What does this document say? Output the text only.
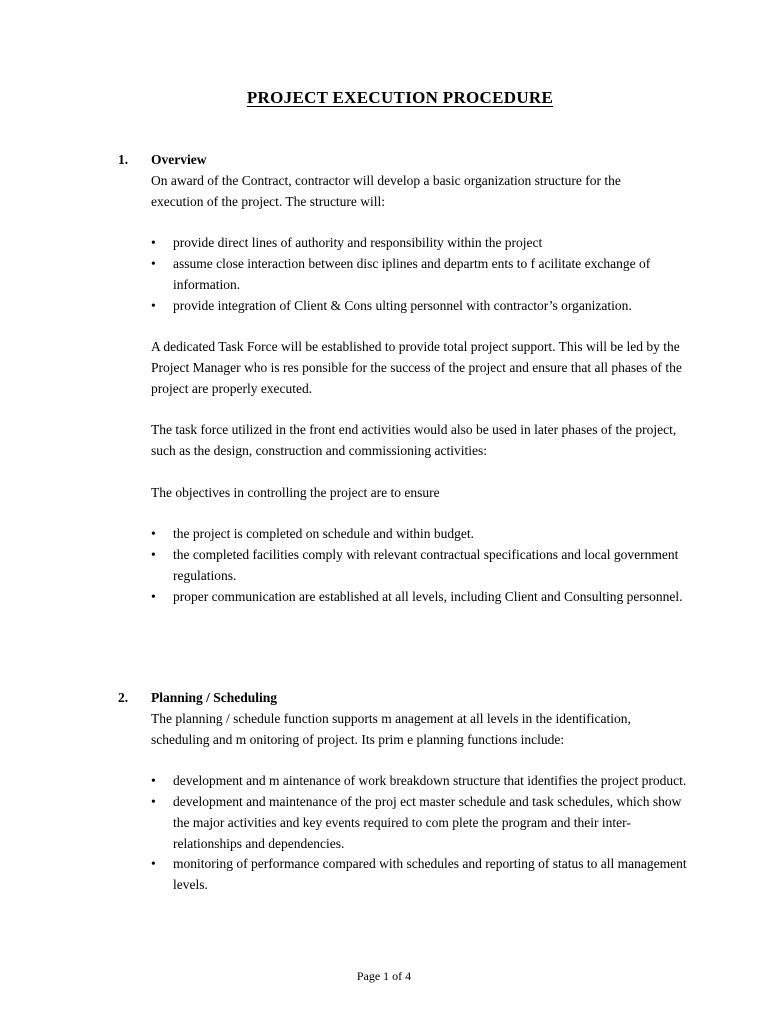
PROJECT EXECUTION PROCEDURE
1. Overview

On award of the Contract, contractor will develop a basic organization structure for the execution of the project. The structure will:

• provide direct lines of authority and responsibility within the project
• assume close interaction between disc iplines and departm ents to f acilitate exchange of information.
• provide integration of Client & Cons ulting personnel with contractor’s organization.

A dedicated Task Force will be established to provide total project support. This will be led by the Project Manager who is res ponsible for the success of the project and ensure that all phases of the project are properly executed.

The task force utilized in the front end activities would also be used in later phases of the project, such as the design, construction and commissioning activities:

The objectives in controlling the project are to ensure

• the project is completed on schedule and within budget.
• the completed facilities comply with relevant contractual specifications and local government regulations.
• proper communication are established at all levels, including Client and Consulting personnel.
2. Planning / Scheduling

The planning / schedule function supports m anagement at all levels in the identification, scheduling and m onitoring of project. Its prim e planning functions include:

• development and m aintenance of work breakdown structure that identifies the project product.
• development and maintenance of the proj ect master schedule and task schedules, which show the major activities and key events required to com plete the program and their inter-relationships and dependencies.
• monitoring of performance compared with schedules and reporting of status to all management levels.
Page 1 of 4
